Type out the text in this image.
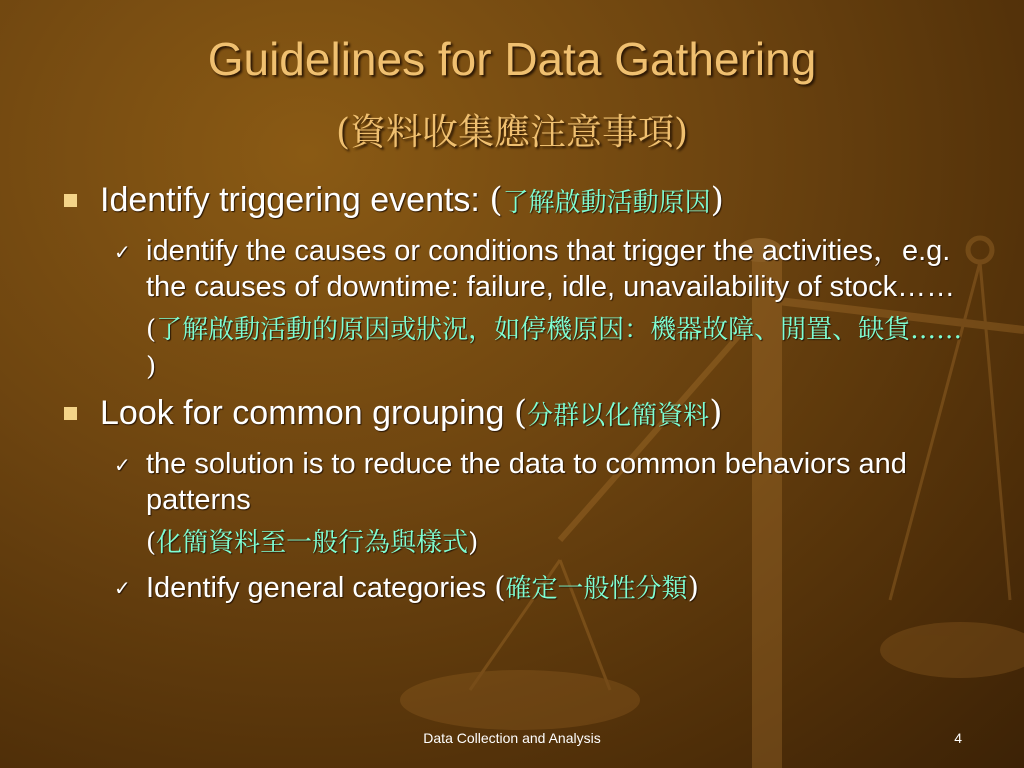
Guidelines for Data Gathering
(資料收集應注意事項)
Identify triggering events: (了解啟動活動原因)
✓ identify the causes or conditions that trigger the activities，e.g. the causes of downtime: failure, idle, unavailability of stock……
(了解啟動活動的原因或狀況，如停機原因：機器故障、閒置、缺貨…… )
Look for common grouping (分群以化簡資料)
✓ the solution is to reduce the data to common behaviors and patterns
(化簡資料至一般行為與樣式)
✓ Identify general categories (確定一般性分類)
Data Collection and Analysis	4
